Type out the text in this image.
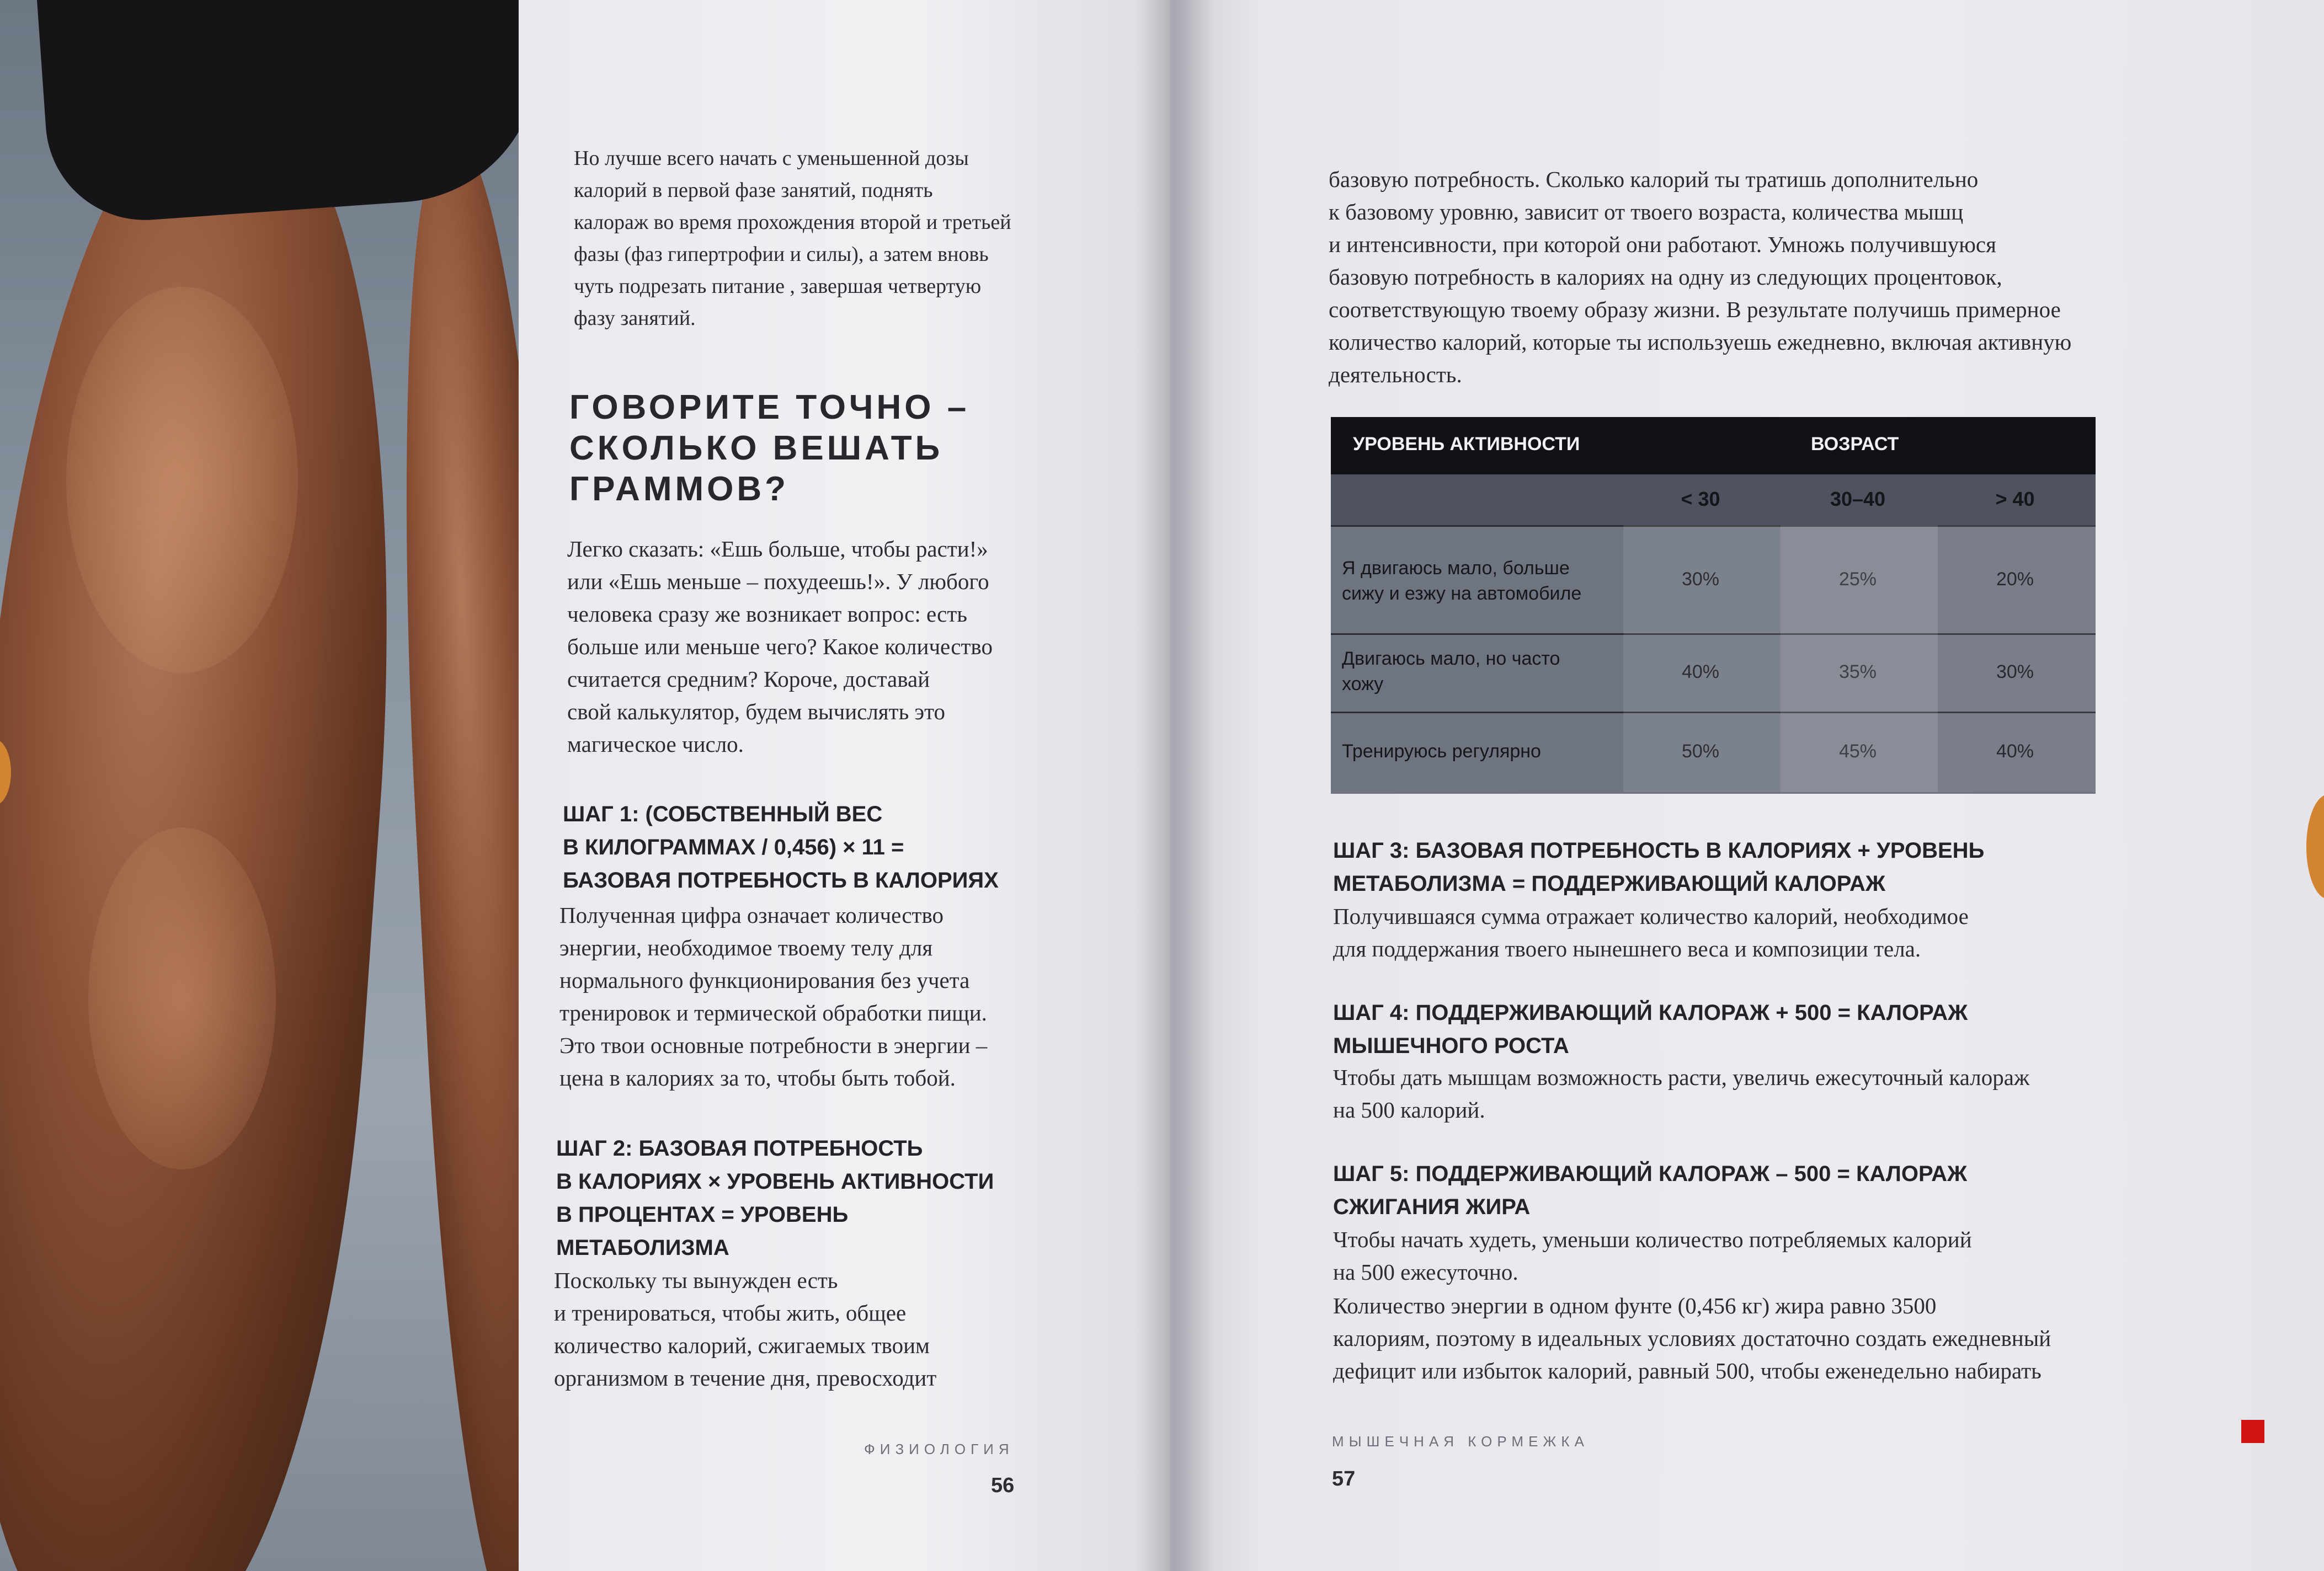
Но лучше всего начать с уменьшенной дозы
калорий в первой фазе занятий, поднять
калораж во время прохождения второй и третьей
фазы (фаз гипертрофии и силы), а затем вновь
чуть подрезать питание , завершая четвертую
фазу занятий.

ГОВОРИТЕ ТОЧНО –
СКОЛЬКО ВЕШАТЬ
ГРАММОВ?

Легко сказать: «Ешь больше, чтобы расти!»
или «Ешь меньше – похудеешь!». У любого
человека сразу же возникает вопрос: есть
больше или меньше чего? Какое количество
считается средним? Короче, доставай
свой калькулятор, будем вычислять это
магическое число.

ШАГ 1: (СОБСТВЕННЫЙ ВЕС
В КИЛОГРАММАХ / 0,456) × 11 =
БАЗОВАЯ ПОТРЕБНОСТЬ В КАЛОРИЯХ

Полученная цифра означает количество
энергии, необходимое твоему телу для
нормального функционирования без учета
тренировок и термической обработки пищи.
Это твои основные потребности в энергии –
цена в калориях за то, чтобы быть тобой.

ШАГ 2: БАЗОВАЯ ПОТРЕБНОСТЬ
В КАЛОРИЯХ × УРОВЕНЬ АКТИВНОСТИ
В ПРОЦЕНТАХ = УРОВЕНЬ
МЕТАБОЛИЗМА

Поскольку ты вынужден есть
и тренироваться, чтобы жить, общее
количество калорий, сжигаемых твоим
организмом в течение дня, превосходит

ФИЗИОЛОГИЯ
56

базовую потребность. Сколько калорий ты тратишь дополнительно
к базовому уровню, зависит от твоего возраста, количества мышц
и интенсивности, при которой они работают. Умножь получившуюся
базовую потребность в калориях на одну из следующих процентовок,
соответствующую твоему образу жизни. В результате получишь примерное
количество калорий, которые ты используешь ежедневно, включая активную
деятельность.

УРОВЕНЬ АКТИВНОСТИ	ВОЗРАСТ
< 30	30–40	> 40
Я двигаюсь мало, больше
сижу и езжу на автомобиле
30%	25%	20%
Двигаюсь мало, но часто
хожу
40%	35%	30%
Тренируюсь регулярно	50%	45%	40%
ШАГ 3: БАЗОВАЯ ПОТРЕБНОСТЬ В КАЛОРИЯХ + УРОВЕНЬ
МЕТАБОЛИЗМА = ПОДДЕРЖИВАЮЩИЙ КАЛОРАЖ

Получившаяся сумма отражает количество калорий, необходимое
для поддержания твоего нынешнего веса и композиции тела.

ШАГ 4: ПОДДЕРЖИВАЮЩИЙ КАЛОРАЖ + 500 = КАЛОРАЖ
МЫШЕЧНОГО РОСТА

Чтобы дать мышцам возможность расти, увеличь ежесуточный калораж
на 500 калорий.

ШАГ 5: ПОДДЕРЖИВАЮЩИЙ КАЛОРАЖ – 500 = КАЛОРАЖ
СЖИГАНИЯ ЖИРА

Чтобы начать худеть, уменьши количество потребляемых калорий
на 500 ежесуточно.

Количество энергии в одном фунте (0,456 кг) жира равно 3500
калориям, поэтому в идеальных условиях достаточно создать ежедневный
дефицит или избыток калорий, равный 500, чтобы еженедельно набирать

МЫШЕЧНАЯ КОРМЕЖКА
57
